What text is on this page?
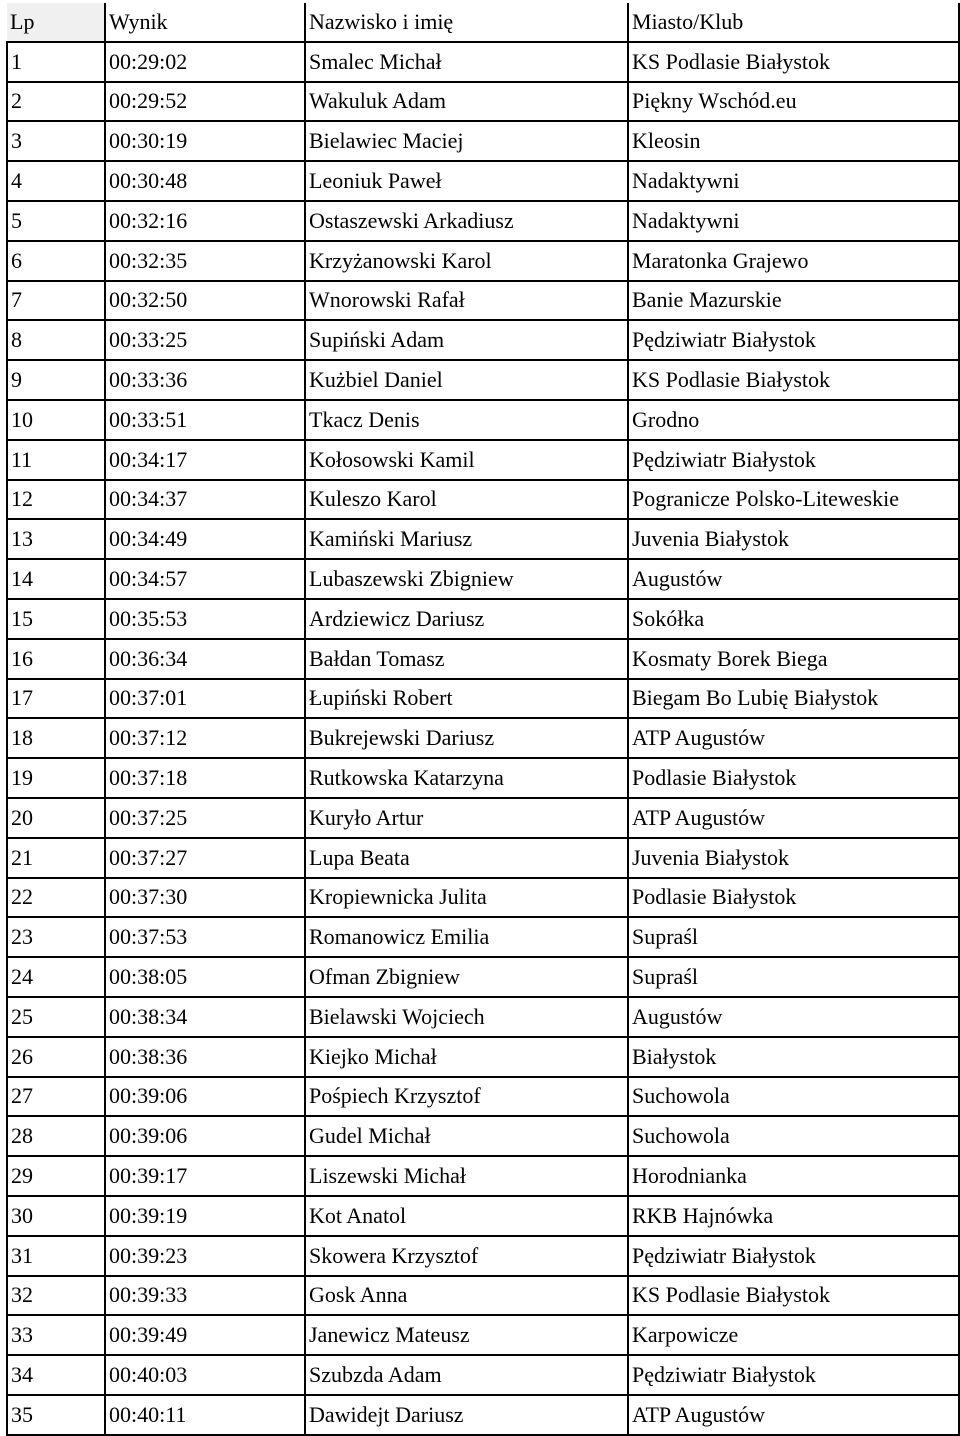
Lp	Wynik	Nazwisko i imię	Miasto/Klub
1	00:29:02	Smalec Michał	KS Podlasie Białystok
2	00:29:52	Wakuluk Adam	Piękny Wschód.eu
3	00:30:19	Bielawiec Maciej	Kleosin
4	00:30:48	Leoniuk Paweł	Nadaktywni
5	00:32:16	Ostaszewski Arkadiusz	Nadaktywni
6	00:32:35	Krzyżanowski Karol	Maratonka Grajewo
7	00:32:50	Wnorowski Rafał	Banie Mazurskie
8	00:33:25	Supiński Adam	Pędziwiatr Białystok
9	00:33:36	Kużbiel Daniel	KS Podlasie Białystok
10	00:33:51	Tkacz Denis	Grodno
11	00:34:17	Kołosowski Kamil	Pędziwiatr Białystok
12	00:34:37	Kuleszo Karol	Pogranicze Polsko-Liteweskie
13	00:34:49	Kamiński Mariusz	Juvenia Białystok
14	00:34:57	Lubaszewski Zbigniew	Augustów
15	00:35:53	Ardziewicz Dariusz	Sokółka
16	00:36:34	Bałdan Tomasz	Kosmaty Borek Biega
17	00:37:01	Łupiński Robert	Biegam Bo Lubię Białystok
18	00:37:12	Bukrejewski Dariusz	ATP Augustów
19	00:37:18	Rutkowska Katarzyna	Podlasie Białystok
20	00:37:25	Kuryło Artur	ATP Augustów
21	00:37:27	Lupa Beata	Juvenia Białystok
22	00:37:30	Kropiewnicka Julita	Podlasie Białystok
23	00:37:53	Romanowicz Emilia	Supraśl
24	00:38:05	Ofman Zbigniew	Supraśl
25	00:38:34	Bielawski Wojciech	Augustów
26	00:38:36	Kiejko Michał	Białystok
27	00:39:06	Pośpiech Krzysztof	Suchowola
28	00:39:06	Gudel Michał	Suchowola
29	00:39:17	Liszewski Michał	Horodnianka
30	00:39:19	Kot Anatol	RKB Hajnówka
31	00:39:23	Skowera Krzysztof	Pędziwiatr Białystok
32	00:39:33	Gosk Anna	KS Podlasie Białystok
33	00:39:49	Janewicz Mateusz	Karpowicze
34	00:40:03	Szubzda Adam	Pędziwiatr Białystok
35	00:40:11	Dawidejt Dariusz	ATP Augustów
